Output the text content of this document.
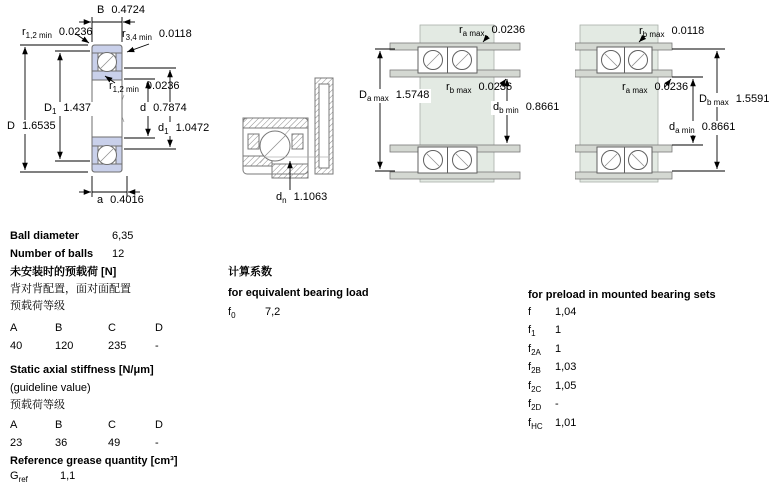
B 0.4724
$r_{1,2 min}$ 0.0236	$r_{3,4 min}$ 0.0118
$D_1$ 1.437
D 1.6535
$r_{1,2 min}$ 0.0236
d 0.7874
$d_1$ 1.0472
a 0.4016	$d_n$ 1.1063
$r_{a max}$ 0.0236
$D_{a max}$ 1.5748
$r_{b max}$ 0.0236
$d_{b min}$ 0.8661
$r_{b max}$ 0.0118
$r_{a max}$ 0.0236
$D_{b max}$ 1.5591
$d_{a min}$ 0.8661
Ball diameter	6,35
Number of balls 12
未安装时的预载荷 [N]
背对背配置，面对面配置
预载荷等级
A	B	C	D
40	120	235	-
Static axial stiffness [N/μm]
(guideline value)
预载荷等级
A	B	C	D
23	36	49	-
Reference grease quantity [cm³]
$G_{ref}$	1,1
计算系数
for equivalent bearing load
$f_0$	7,2
for preload in mounted bearing sets
f 1,04
$f_1$ 1
$f_{2A}$ 1
$f_{2B}$ 1,03
$f_{2C}$ 1,05
$f_{2D}$ -
$f_{HC}$ 1,01
